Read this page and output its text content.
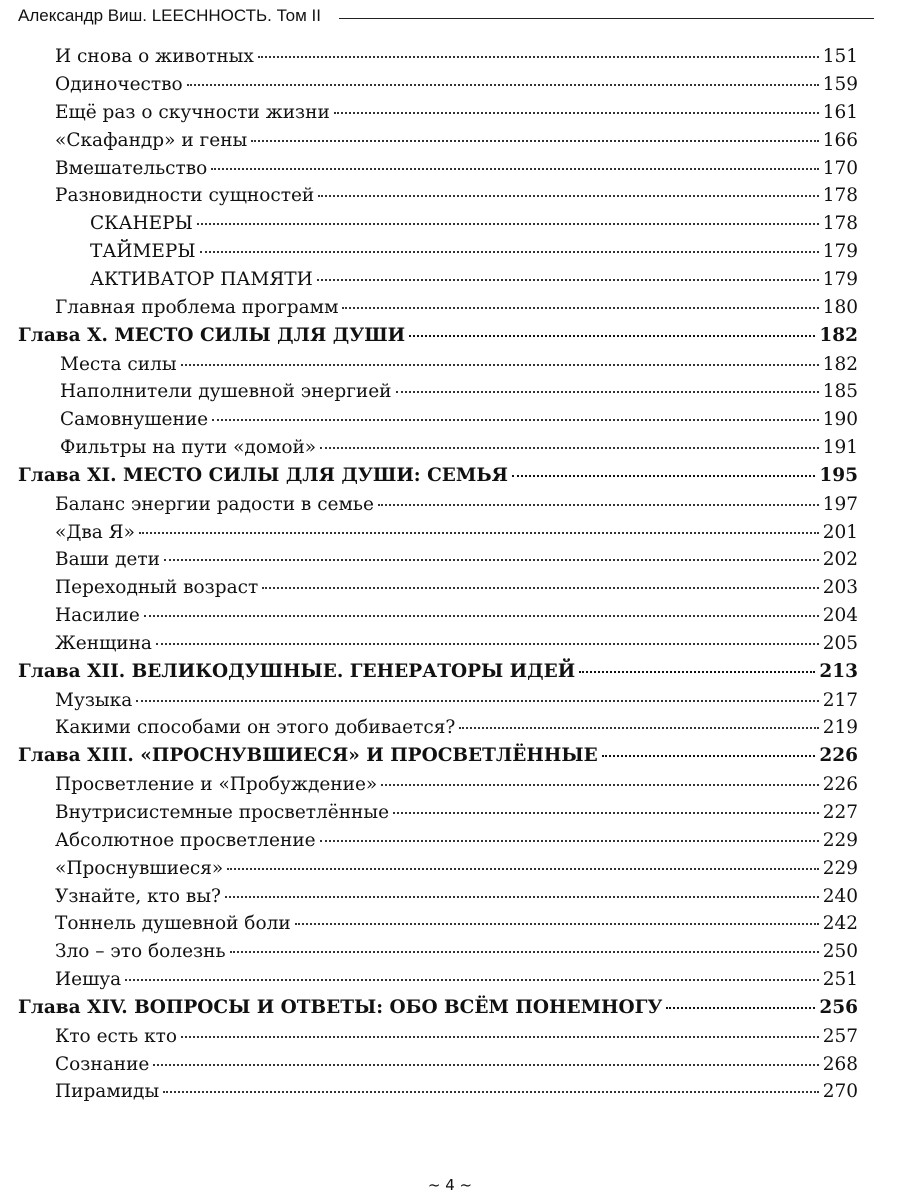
Александр Виш. LEECHНОСТЬ. Том II
И снова о животных	151
Одиночество	159
Ещё раз о скучности жизни	161
«Скафандр» и гены	166
Вмешательство	170
Разновидности сущностей	178
СКАНЕРЫ	178
ТАЙМЕРЫ	179
АКТИВАТОР ПАМЯТИ	179
Главная проблема программ	180
Глава X. МЕСТО СИЛЫ ДЛЯ ДУШИ	182
Места силы	182
Наполнители душевной энергией	185
Самовнушение	190
Фильтры на пути «домой»	191
Глава XI. МЕСТО СИЛЫ ДЛЯ ДУШИ: СЕМЬЯ	195
Баланс энергии радости в семье	197
«Два Я»	201
Ваши дети	202
Переходный возраст	203
Насилие	204
Женщина	205
Глава XII. ВЕЛИКОДУШНЫЕ. ГЕНЕРАТОРЫ ИДЕЙ	213
Музыка	217
Какими способами он этого добивается?	219
Глава XIII. «ПРОСНУВШИЕСЯ» И ПРОСВЕТЛЁННЫЕ	226
Просветление и «Пробуждение»	226
Внутрисистемные просветлённые	227
Абсолютное просветление	229
«Проснувшиеся»	229
Узнайте, кто вы?	240
Тоннель душевной боли	242
Зло – это болезнь	250
Иешуа	251
Глава XIV. ВОПРОСЫ И ОТВЕТЫ: ОБО ВСЁМ ПОНЕМНОГУ	256
Кто есть кто	257
Сознание	268
Пирамиды	270
~ 4 ~
